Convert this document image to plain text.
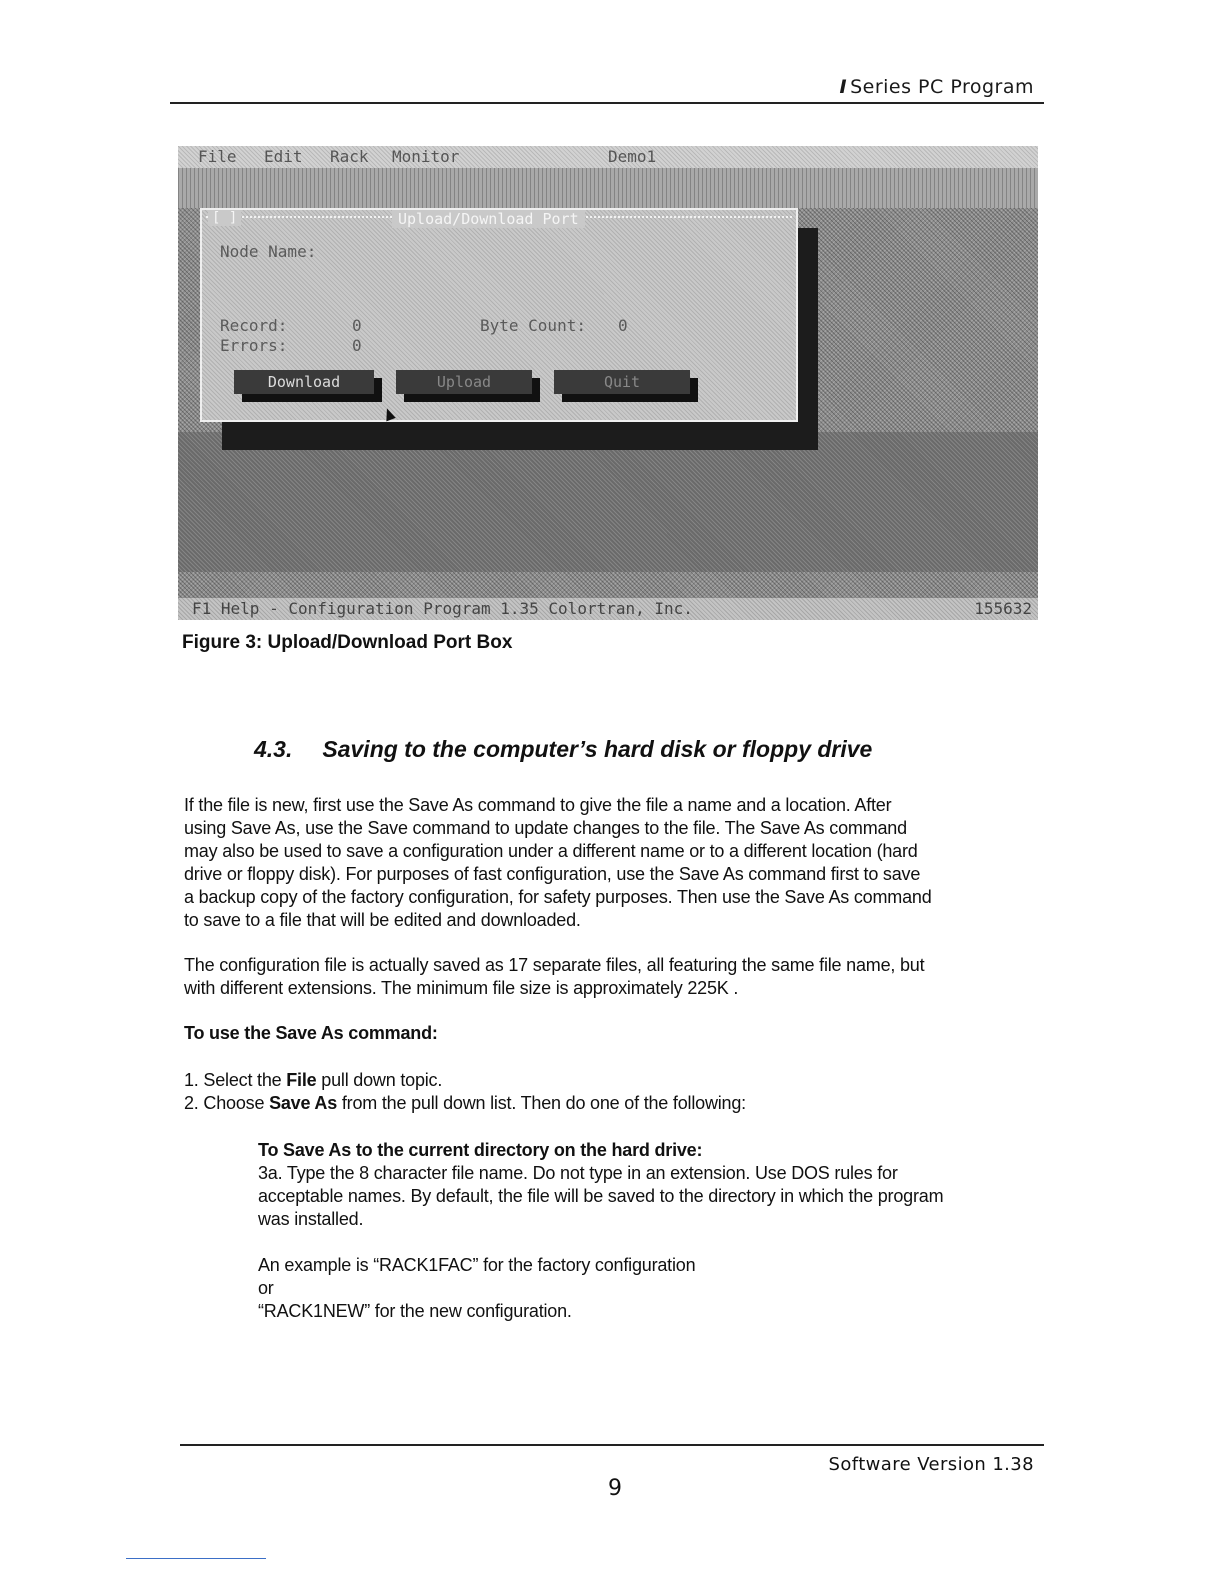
I Series PC Program
File Edit Rack Monitor	Demo1
[ ]	Upload/Download Port
Node Name:
Record:	0	Byte Count: 0
Errors:	0
Download	Upload	Quit
F1 Help - Configuration Program 1.35 Colortran, Inc.	155632
Figure 3: Upload/Download Port Box
4.3. Saving to the computer’s hard disk or floppy drive
If the file is new, first use the Save As command to give the file a name and a location. After
using Save As, use the Save command to update changes to the file. The Save As command
may also be used to save a configuration under a different name or to a different location (hard
drive or floppy disk). For purposes of fast configuration, use the Save As command first to save
a backup copy of the factory configuration, for safety purposes. Then use the Save As command
to save to a file that will be edited and downloaded.
The configuration file is actually saved as 17 separate files, all featuring the same file name, but
with different extensions. The minimum file size is approximately 225K .
To use the Save As command:
1. Select the File pull down topic.
2. Choose Save As from the pull down list. Then do one of the following:
To Save As to the current directory on the hard drive:
3a. Type the 8 character file name. Do not type in an extension. Use DOS rules for
acceptable names. By default, the file will be saved to the directory in which the program
was installed.
An example is “RACK1FAC” for the factory configuration
or
“RACK1NEW” for the new configuration.
Software Version 1.38
9
